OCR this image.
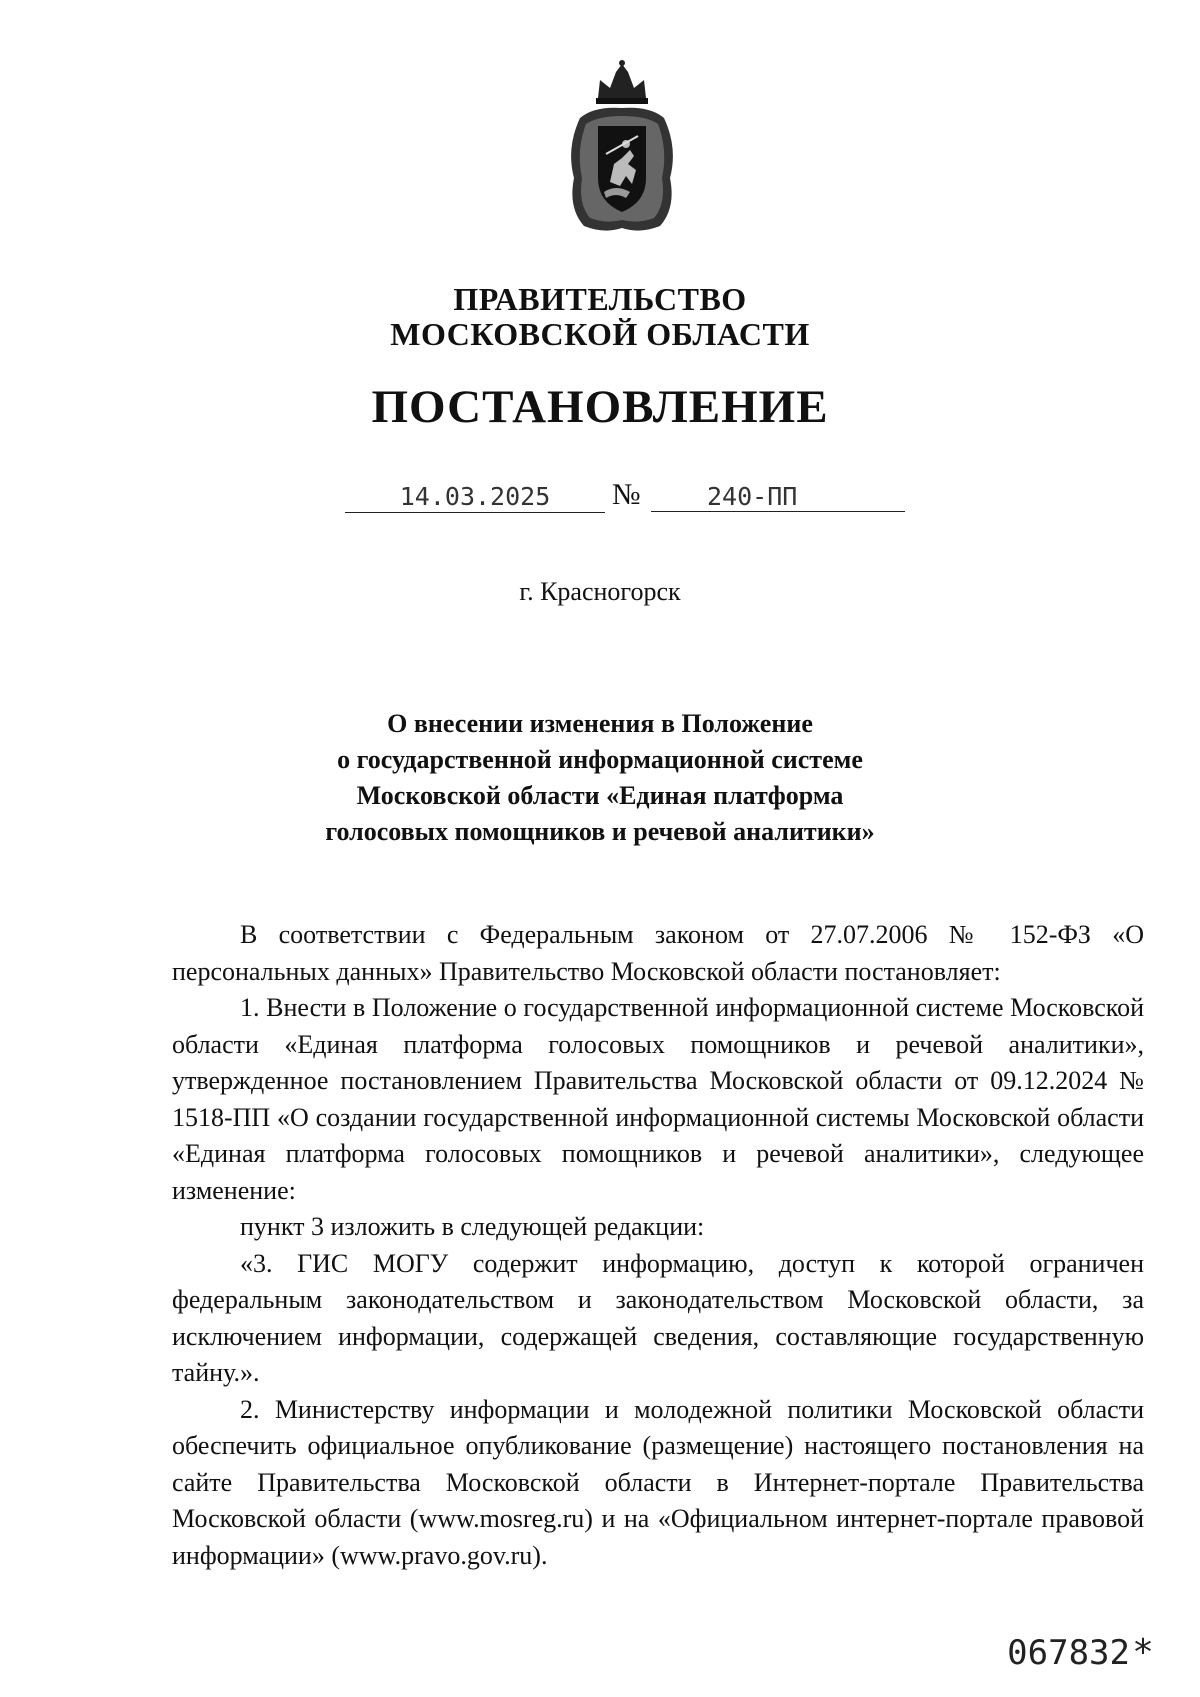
ПРАВИТЕЛЬСТВО
МОСКОВСКОЙ ОБЛАСТИ
ПОСТАНОВЛЕНИЕ
14.03.2025	№	240-ПП
г. Красногорск
О внесении изменения в Положение
о государственной информационной системе
Московской области «Единая платформа
голосовых помощников и речевой аналитики»

В соответствии с Федеральным законом от 27.07.2006 № 152-ФЗ «О персональных данных» Правительство Московской области постановляет:

1. Внести в Положение о государственной информационной системе Московской области «Единая платформа голосовых помощников и речевой аналитики», утвержденное постановлением Правительства Московской области от 09.12.2024 № 1518-ПП «О создании государственной информационной системы Московской области «Единая платформа голосовых помощников и речевой аналитики», следующее изменение:

пункт 3 изложить в следующей редакции:

«3. ГИС МОГУ содержит информацию, доступ к которой ограничен федеральным законодательством и законодательством Московской области, за исключением информации, содержащей сведения, составляющие государственную тайну.».

2. Министерству информации и молодежной политики Московской области обеспечить официальное опубликование (размещение) настоящего постановления на сайте Правительства Московской области в Интернет-портале Правительства Московской области (www.mosreg.ru) и на «Официальном интернет-портале правовой информации» (www.pravo.gov.ru).

067832 *
